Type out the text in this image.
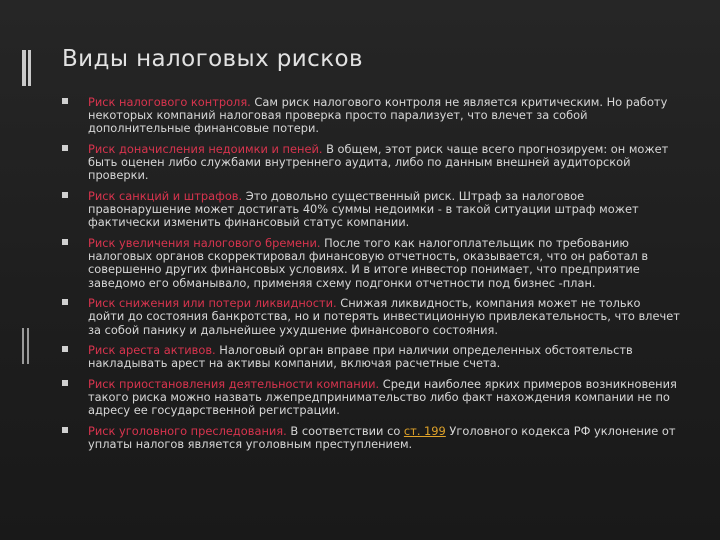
Виды налоговых рисков
Риск налогового контроля. Сам риск налогового контроля не является критическим. Но работу некоторых компаний налоговая проверка просто парализует, что влечет за собой дополнительные финансовые потери.
Риск доначисления недоимки и пеней. В общем, этот риск чаще всего прогнозируем: он может быть оценен либо службами внутреннего аудита, либо по данным внешней аудиторской проверки.
Риск санкций и штрафов. Это довольно существенный риск. Штраф за налоговое правонарушение может достигать 40% суммы недоимки - в такой ситуации штраф может фактически изменить финансовый статус компании.
Риск увеличения налогового бремени. После того как налогоплательщик по требованию налоговых органов скорректировал финансовую отчетность, оказывается, что он работал в совершенно других финансовых условиях. И в итоге инвестор понимает, что предприятие заведомо его обманывало, применяя схему подгонки отчетности под бизнес -план.
Риск снижения или потери ликвидности. Снижая ликвидность, компания может не только дойти до состояния банкротства, но и потерять инвестиционную привлекательность, что влечет за собой панику и дальнейшее ухудшение финансового состояния.
Риск ареста активов. Налоговый орган вправе при наличии определенных обстоятельств накладывать арест на активы компании, включая расчетные счета.
Риск приостановления деятельности компании. Среди наиболее ярких примеров возникновения такого риска можно назвать лжепредпринимательство либо факт нахождения компании не по адресу ее государственной регистрации.
Риск уголовного преследования. В соответствии со ст. 199 Уголовного кодекса РФ уклонение от уплаты налогов является уголовным преступлением.
